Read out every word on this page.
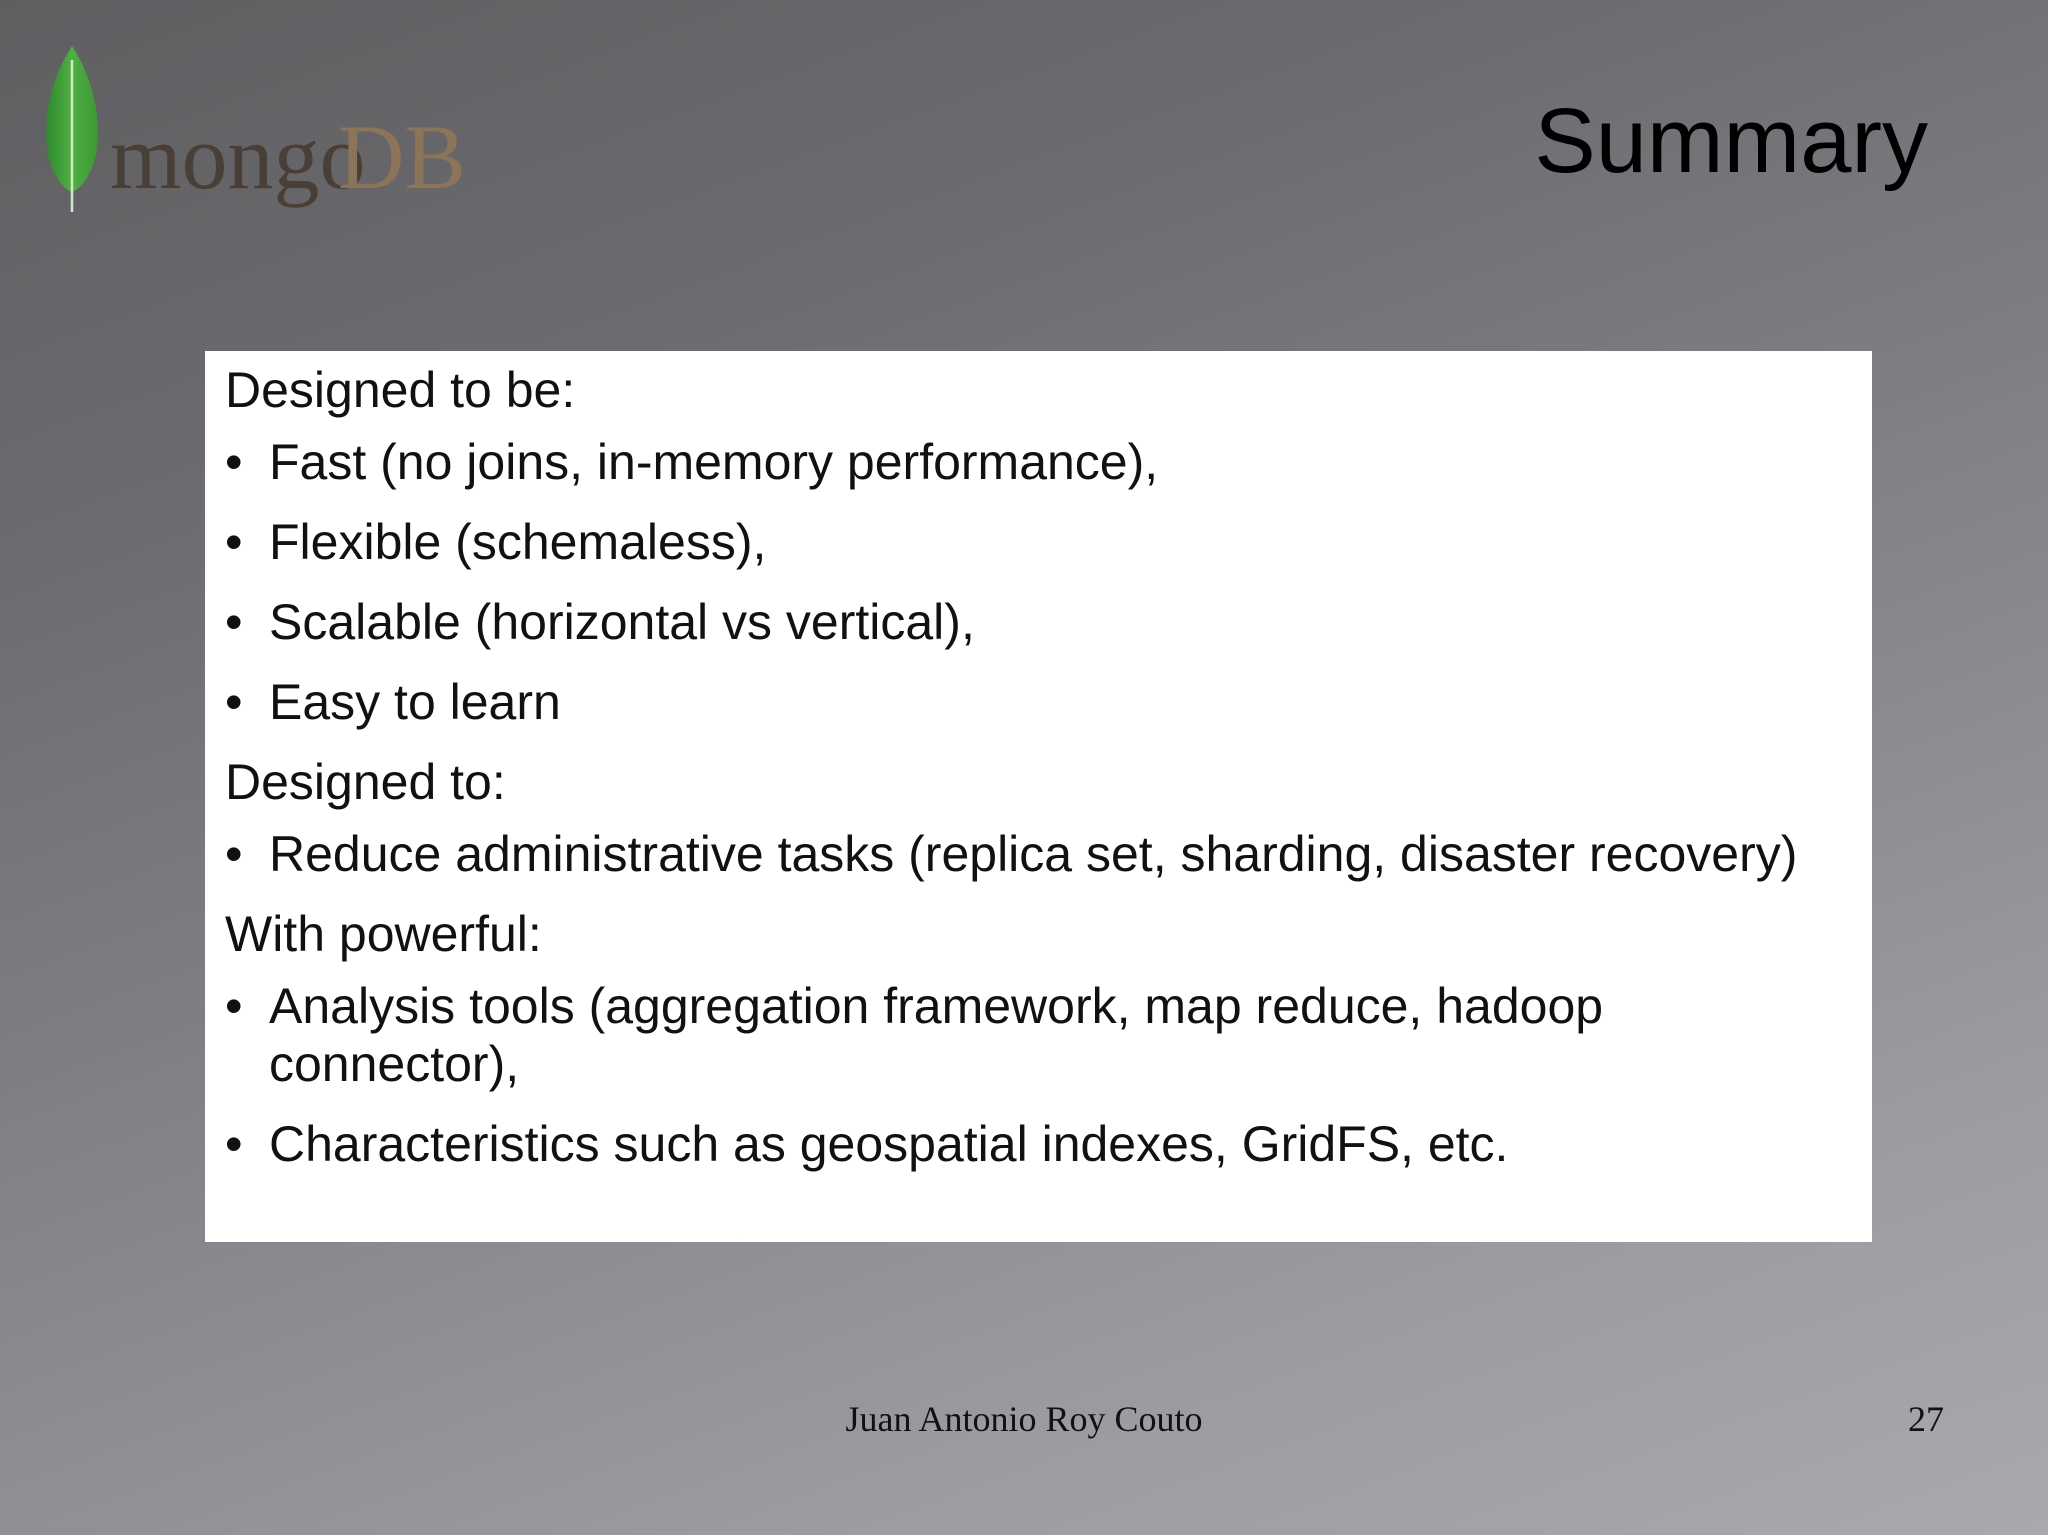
mongo
DB	Summary
Designed to be:
• Fast (no joins, in-memory performance),
• Flexible (schemaless),
• Scalable (horizontal vs vertical),
• Easy to learn
Designed to:
• Reduce administrative tasks (replica set, sharding, disaster recovery)
With powerful:
• Analysis tools (aggregation framework, map reduce, hadoop connector),
• Characteristics such as geospatial indexes, GridFS, etc.
Juan Antonio Roy Couto	27
